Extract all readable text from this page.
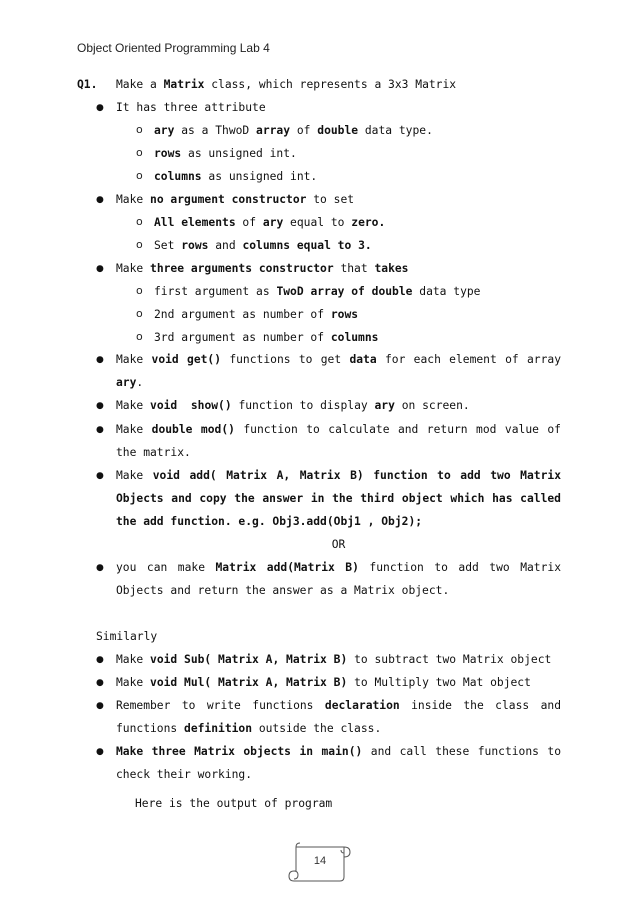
Object Oriented Programming Lab 4
Q1. Make a Matrix class, which represents a 3x3 Matrix
● It has three attribute
o ary as a ThwoD array of double data type.
o rows as unsigned int.
o columns as unsigned int.
● Make no argument constructor to set
o All elements of ary equal to zero.
o Set rows and columns equal to 3.
● Make three arguments constructor that takes
o first argument as TwoD array of double data type
o 2nd argument as number of rows
o 3rd argument as number of columns
● Make void get() functions to get data for each element of array
ary.
● Make void show() function to display ary on screen.
● Make double mod() function to calculate and return mod value of
the matrix.
● Make void add( Matrix A, Matrix B) function to add two Matrix
Objects and copy the answer in the third object which has called
the add function. e.g. Obj3.add(Obj1 , Obj2);
OR
● you can make Matrix add(Matrix B) function to add two Matrix
Objects and return the answer as a Matrix object.
Similarly
● Make void Sub( Matrix A, Matrix B) to subtract two Matrix object
● Make void Mul( Matrix A, Matrix B) to Multiply two Mat object
● Remember to write functions declaration inside the class and
functions definition outside the class.
● Make three Matrix objects in main() and call these functions to
check their working.
Here is the output of program
14
